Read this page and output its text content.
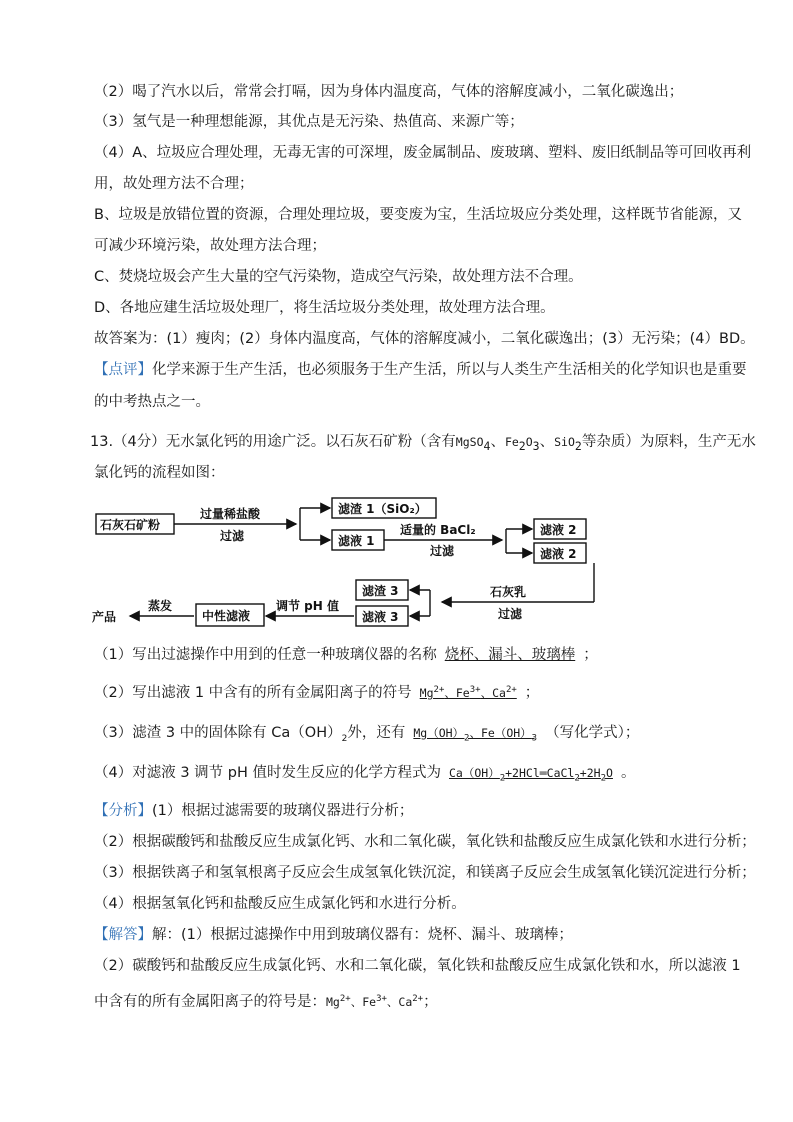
（2）喝了汽水以后，常常会打嗝，因为身体内温度高，气体的溶解度减小，二氧化碳逸出；
（3）氢气是一种理想能源，其优点是无污染、热值高、来源广等；
（4）A、垃圾应合理处理，无毒无害的可深埋，废金属制品、废玻璃、塑料、废旧纸制品等可回收再利
用，故处理方法不合理；
B、垃圾是放错位置的资源，合理处理垃圾，要变废为宝，生活垃圾应分类处理，这样既节省能源，又
可减少环境污染，故处理方法合理；
C、焚烧垃圾会产生大量的空气污染物，造成空气污染，故处理方法不合理。
D、各地应建生活垃圾处理厂，将生活垃圾分类处理，故处理方法合理。
故答案为：(1）瘦肉；(2）身体内温度高，气体的溶解度减小，二氧化碳逸出；(3）无污染；(4）BD。
【点评】化学来源于生产生活，也必须服务于生产生活，所以与人类生产生活相关的化学知识也是重要
的中考热点之一。
13.（4分）无水氯化钙的用途广泛。以石灰石矿粉（含有MgSO$_4$、$Fe_2O_3$、SiO$_2$等杂质）为原料，生产无水
氯化钙的流程如图：
石灰石矿粉
过量稀盐酸
过滤
滤渣 1（SiO₂）
滤液 1
适量的 BaCl₂
过滤
滤液 2
滤液 2
石灰乳
过滤
滤渣 3
滤液 3
调节 pH 值
中性滤液
蒸发
产品
（1）写出过滤操作中用到的任意一种玻璃仪器的名称 烧杯、漏斗、玻璃棒 ；
（2）写出滤液 1 中含有的所有金属阳离子的符号 $Mg^{2+}$、$Fe^{3+}$、$Ca^{2+}$ ；
（3）滤渣 3 中的固体除有 $Ca(OH)_2$外，还有 $Mg(OH)_2$、$Fe(OH)_3$ （写化学式）；
（4）对滤液 3 调节 pH 值时发生反应的化学方程式为 $Ca(OH)_2+2HCl═CaCl_2+2H_2O$ 。
【分析】(1）根据过滤需要的玻璃仪器进行分析；
（2）根据碳酸钙和盐酸反应生成氯化钙、水和二氧化碳，氧化铁和盐酸反应生成氯化铁和水进行分析；
（3）根据铁离子和氢氧根离子反应会生成氢氧化铁沉淀，和镁离子反应会生成氢氧化镁沉淀进行分析；
（4）根据氢氧化钙和盐酸反应生成氯化钙和水进行分析。
【解答】解：(1）根据过滤操作中用到玻璃仪器有：烧杯、漏斗、玻璃棒；
（2）碳酸钙和盐酸反应生成氯化钙、水和二氧化碳，氧化铁和盐酸反应生成氯化铁和水，所以滤液 1
中含有的所有金属阳离子的符号是：$Mg^{2+}$、$Fe^{3+}$、$Ca^{2+}$；
